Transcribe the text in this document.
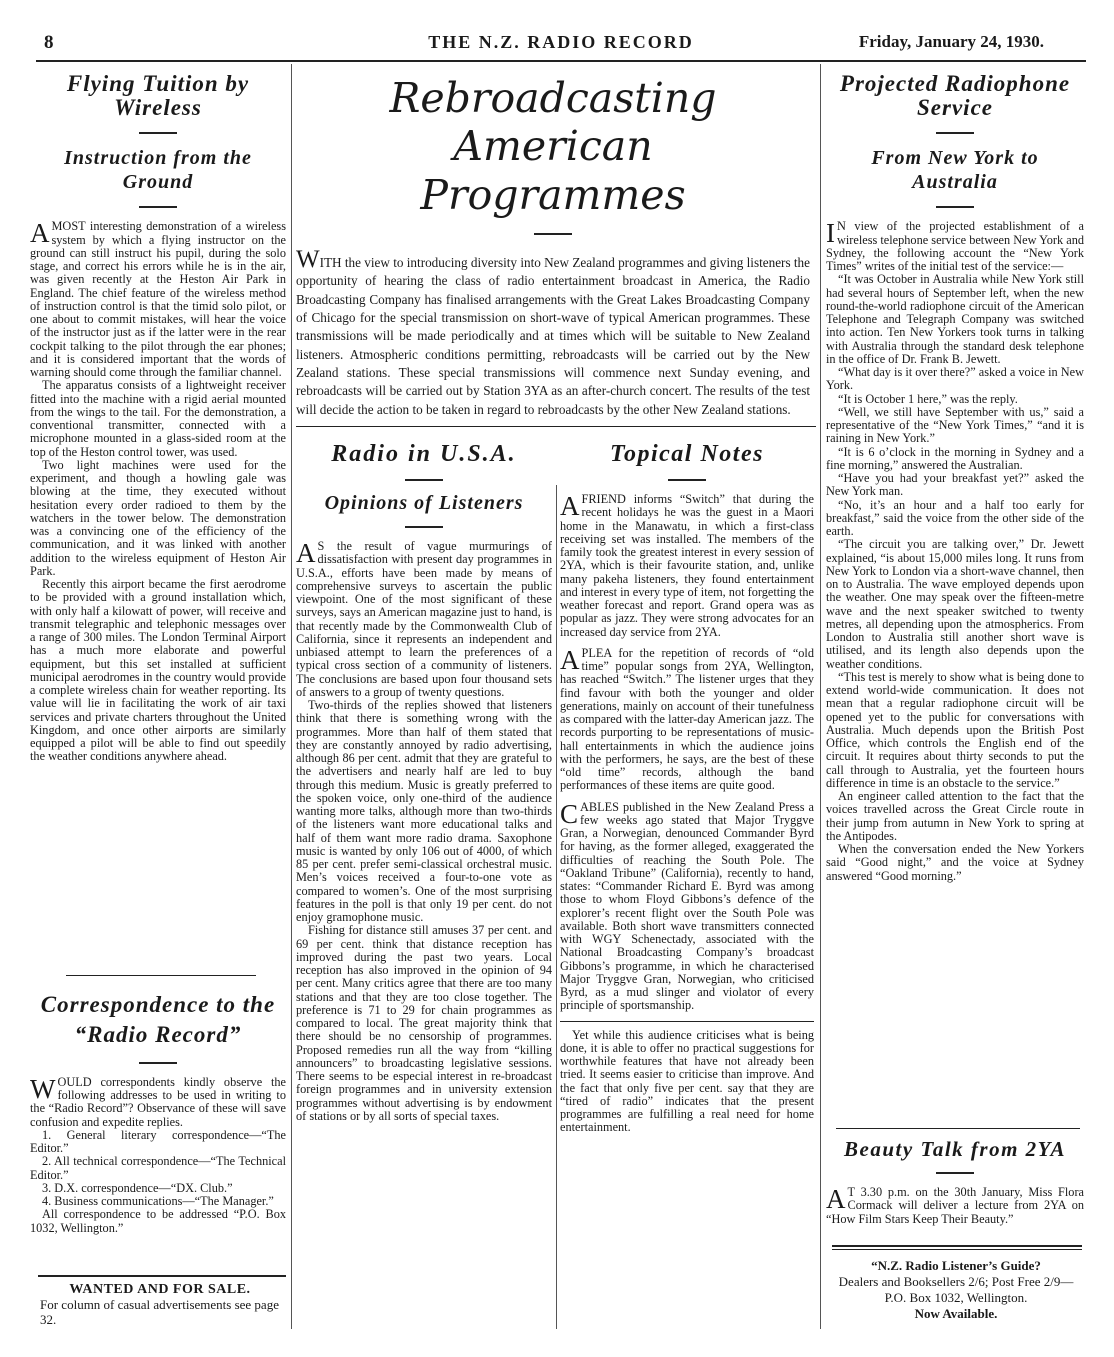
8	THE N.Z. RADIO RECORD	Friday, January 24, 1930.
Flying Tuition by Wireless
Instruction from the Ground

AMOST interesting demonstration of a wireless system by which a flying instructor on the ground can still instruct his pupil, during the solo stage, and correct his errors while he is in the air, was given recently at the Heston Air Park in England. The chief feature of the wireless method of instruction control is that the timid solo pilot, or one about to commit mistakes, will hear the voice of the instructor just as if the latter were in the rear cockpit talking to the pilot through the ear phones; and it is considered important that the words of warning should come through the familiar channel.

The apparatus consists of a lightweight receiver fitted into the machine with a rigid aerial mounted from the wings to the tail. For the demonstration, a conventional transmitter, connected with a microphone mounted in a glass-sided room at the top of the Heston control tower, was used.

Two light machines were used for the experiment, and though a howling gale was blowing at the time, they executed without hesitation every order radioed to them by the watchers in the tower below. The demonstration was a convincing one of the efficiency of the communication, and it was linked with another addition to the wireless equipment of Heston Air Park.

Recently this airport became the first aerodrome to be provided with a ground installation which, with only half a kilowatt of power, will receive and transmit telegraphic and telephonic messages over a range of 300 miles. The London Terminal Airport has a much more elaborate and powerful equipment, but this set installed at sufficient municipal aerodromes in the country would provide a complete wireless chain for weather reporting. Its value will lie in facilitating the work of air taxi services and private charters throughout the United Kingdom, and once other airports are similarly equipped a pilot will be able to find out speedily the weather conditions anywhere ahead.

Correspondence to the “Radio Record”

WOULD correspondents kindly observe the following addresses to be used in writing to the “Radio Record”? Observance of these will save confusion and expedite replies.

1. General literary correspondence—“The Editor.”

2. All technical correspondence—“The Technical Editor.”

3. D.X. correspondence—“DX. Club.”

4. Business communications—“The Manager.”

All correspondence to be addressed “P.O. Box 1032, Wellington.”

WANTED AND FOR SALE.
For column of casual advertisements see page 32.
Rebroadcasting American Programmes

WITH the view to introducing diversity into New Zealand programmes and giving listeners the opportunity of hearing the class of radio entertainment broadcast in America, the Radio Broadcasting Company has finalised arrangements with the Great Lakes Broadcasting Company of Chicago for the special transmission on short-wave of typical American programmes. These transmissions will be made periodically and at times which will be suitable to New Zealand listeners. Atmospheric conditions permitting, rebroadcasts will be carried out by the New Zealand stations. These special transmissions will commence next Sunday evening, and rebroadcasts will be carried out by Station 3YA as an after-church concert. The results of the test will decide the action to be taken in regard to rebroadcasts by the other New Zealand stations.

Radio in U.S.A.
Opinions of Listeners

AS the result of vague murmurings of dissatisfaction with present day programmes in U.S.A., efforts have been made by means of comprehensive surveys to ascertain the public viewpoint. One of the most significant of these surveys, says an American magazine just to hand, is that recently made by the Commonwealth Club of California, since it represents an independent and unbiased attempt to learn the preferences of a typical cross section of a community of listeners. The conclusions are based upon four thousand sets of answers to a group of twenty questions.

Two-thirds of the replies showed that listeners think that there is something wrong with the programmes. More than half of them stated that they are constantly annoyed by radio advertising, although 86 per cent. admit that they are grateful to the advertisers and nearly half are led to buy through this medium. Music is greatly preferred to the spoken voice, only one-third of the audience wanting more talks, although more than two-thirds of the listeners want more educational talks and half of them want more radio drama. Saxophone music is wanted by only 106 out of 4000, of which 85 per cent. prefer semi-classical orchestral music. Men’s voices received a four-to-one vote as compared to women’s. One of the most surprising features in the poll is that only 19 per cent. do not enjoy gramophone music.

Fishing for distance still amuses 37 per cent. and 69 per cent. think that distance reception has improved during the past two years. Local reception has also improved in the opinion of 94 per cent. Many critics agree that there are too many stations and that they are too close together. The preference is 71 to 29 for chain programmes as compared to local. The great majority think that there should be no censorship of programmes. Proposed remedies run all the way from “killing announcers” to broadcasting legislative sessions. There seems to be especial interest in re-broadcast foreign programmes and in university extension programmes without advertising is by endowment of stations or by all sorts of special taxes.

Topical Notes

AFRIEND informs “Switch” that during the recent holidays he was the guest in a Maori home in the Manawatu, in which a first-class receiving set was installed. The members of the family took the greatest interest in every session of 2YA, which is their favourite station, and, unlike many pakeha listeners, they found entertainment and interest in every type of item, not forgetting the weather forecast and report. Grand opera was as popular as jazz. They were strong advocates for an increased day service from 2YA.

APLEA for the repetition of records of “old time” popular songs from 2YA, Wellington, has reached “Switch.” The listener urges that they find favour with both the younger and older generations, mainly on account of their tunefulness as compared with the latter-day American jazz. The records purporting to be representations of music-hall entertainments in which the audience joins with the performers, he says, are the best of these “old time” records, although the band performances of these items are quite good.

CABLES published in the New Zealand Press a few weeks ago stated that Major Tryggve Gran, a Norwegian, denounced Commander Byrd for having, as the former alleged, exaggerated the difficulties of reaching the South Pole. The “Oakland Tribune” (California), recently to hand, states: “Commander Richard E. Byrd was among those to whom Floyd Gibbons’s defence of the explorer’s recent flight over the South Pole was available. Both short wave transmitters connected with WGY Schenectady, associated with the National Broadcasting Company’s broadcast Gibbons’s programme, in which he characterised Major Tryggve Gran, Norwegian, who criticised Byrd, as a mud slinger and violator of every principle of sportsmanship.

Yet while this audience criticises what is being done, it is able to offer no practical suggestions for worthwhile features that have not already been tried. It seems easier to criticise than improve. And the fact that only five per cent. say that they are “tired of radio” indicates that the present programmes are fulfilling a real need for home entertainment.

Projected Radiophone Service
From New York to Australia

IN view of the projected establishment of a wireless telephone service between New York and Sydney, the following account the “New York Times” writes of the initial test of the service:—

“It was October in Australia while New York still had several hours of September left, when the new round-the-world radiophone circuit of the American Telephone and Telegraph Company was switched into action. Ten New Yorkers took turns in talking with Australia through the standard desk telephone in the office of Dr. Frank B. Jewett.

“What day is it over there?” asked a voice in New York.

“It is October 1 here,” was the reply.

“Well, we still have September with us,” said a representative of the “New York Times,” “and it is raining in New York.”

“It is 6 o’clock in the morning in Sydney and a fine morning,” answered the Australian.

“Have you had your breakfast yet?” asked the New York man.

“No, it’s an hour and a half too early for breakfast,” said the voice from the other side of the earth.

“The circuit you are talking over,” Dr. Jewett explained, “is about 15,000 miles long. It runs from New York to London via a short-wave channel, then on to Australia. The wave employed depends upon the weather. One may speak over the fifteen-metre wave and the next speaker switched to twenty metres, all depending upon the atmospherics. From London to Australia still another short wave is utilised, and its length also depends upon the weather conditions.

“This test is merely to show what is being done to extend world-wide communication. It does not mean that a regular radiophone circuit will be opened yet to the public for conversations with Australia. Much depends upon the British Post Office, which controls the English end of the circuit. It requires about thirty seconds to put the call through to Australia, yet the fourteen hours difference in time is an obstacle to the service.”

An engineer called attention to the fact that the voices travelled across the Great Circle route in their jump from autumn in New York to spring at the Antipodes.

When the conversation ended the New Yorkers said “Good night,” and the voice at Sydney answered “Good morning.”

Beauty Talk from 2YA

AT 3.30 p.m. on the 30th January, Miss Flora Cormack will deliver a lecture from 2YA on “How Film Stars Keep Their Beauty.”

“N.Z. Radio Listener’s Guide?
Dealers and Booksellers 2/6; Post Free 2/9—P.O. Box 1032, Wellington.
Now Available.
